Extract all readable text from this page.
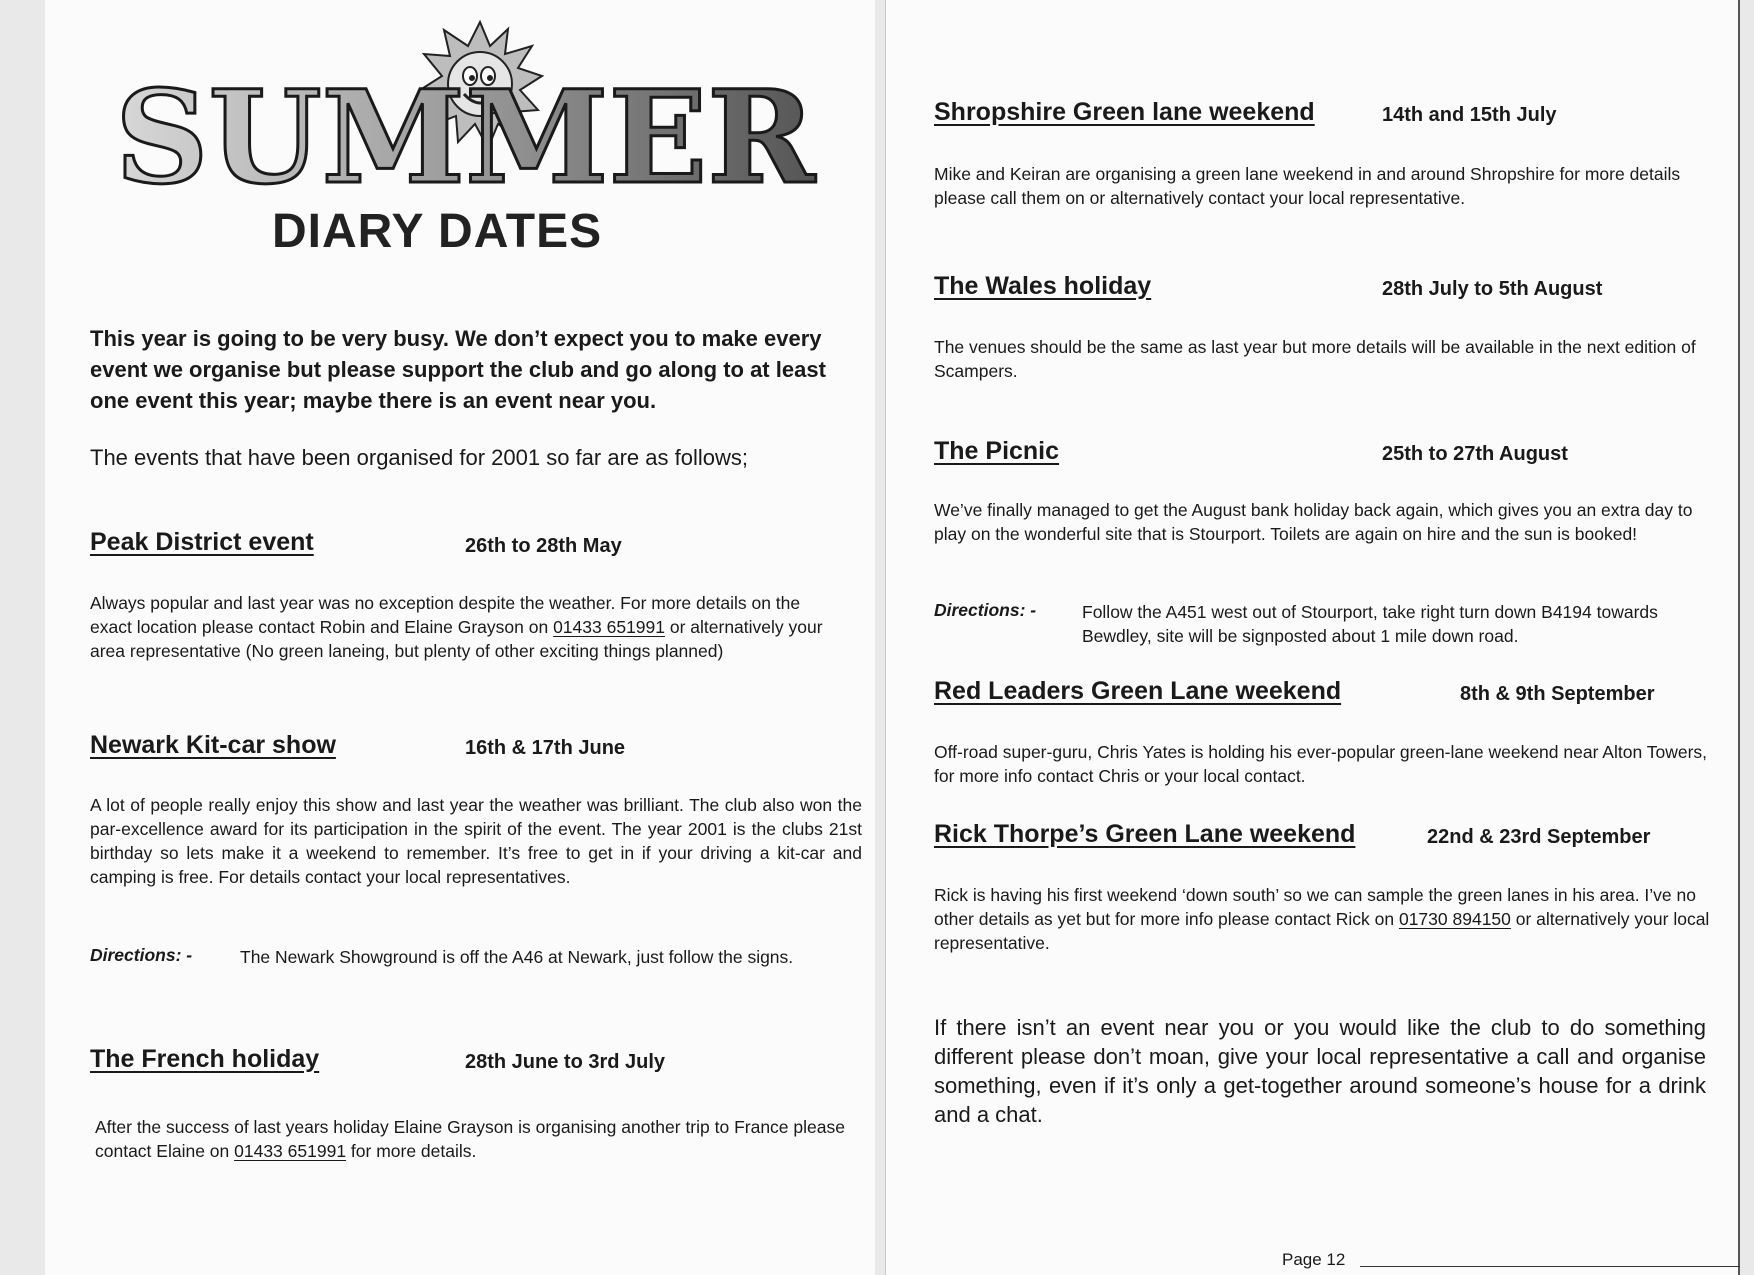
SUMMER
DIARY DATES
This year is going to be very busy. We don’t expect you to make every event we organise but please support the club and go along to at least one event this year; maybe there is an event near you.
The events that have been organised for 2001 so far are as follows;
Peak District event	26th to 28th May
Always popular and last year was no exception despite the weather. For more details on the exact location please contact Robin and Elaine Grayson on 01433 651991 or alternatively your area representative (No green laneing, but plenty of other exciting things planned)
Newark Kit-car show	16th & 17th June
A lot of people really enjoy this show and last year the weather was brilliant. The club also won the par-excellence award for its participation in the spirit of the event. The year 2001 is the clubs 21st birthday so lets make it a weekend to remember. It’s free to get in if your driving a kit-car and camping is free. For details contact your local representatives.
Directions: -	The Newark Showground is off the A46 at Newark, just follow the signs.
The French holiday	28th June to 3rd July
After the success of last years holiday Elaine Grayson is organising another trip to France please contact Elaine on 01433 651991 for more details.
Shropshire Green lane weekend	14th and 15th July
Mike and Keiran are organising a green lane weekend in and around Shropshire for more details please call them on or alternatively contact your local representative.
The Wales holiday	28th July to 5th August
The venues should be the same as last year but more details will be available in the next edition of Scampers.
The Picnic	25th to 27th August
We’ve finally managed to get the August bank holiday back again, which gives you an extra day to play on the wonderful site that is Stourport. Toilets are again on hire and the sun is booked!
Directions: -	Follow the A451 west out of Stourport, take right turn down B4194 towards Bewdley, site will be signposted about 1 mile down road.
Red Leaders Green Lane weekend	8th & 9th September
Off-road super-guru, Chris Yates is holding his ever-popular green-lane weekend near Alton Towers, for more info contact Chris or your local contact.
Rick Thorpe’s Green Lane weekend	22nd & 23rd September
Rick is having his first weekend ‘down south’ so we can sample the green lanes in his area. I’ve no other details as yet but for more info please contact Rick on 01730 894150 or alternatively your local representative.
If there isn’t an event near you or you would like the club to do something different please don’t moan, give your local representative a call and organise something, even if it’s only a get-together around someone’s house for a drink and a chat.
Page 12
